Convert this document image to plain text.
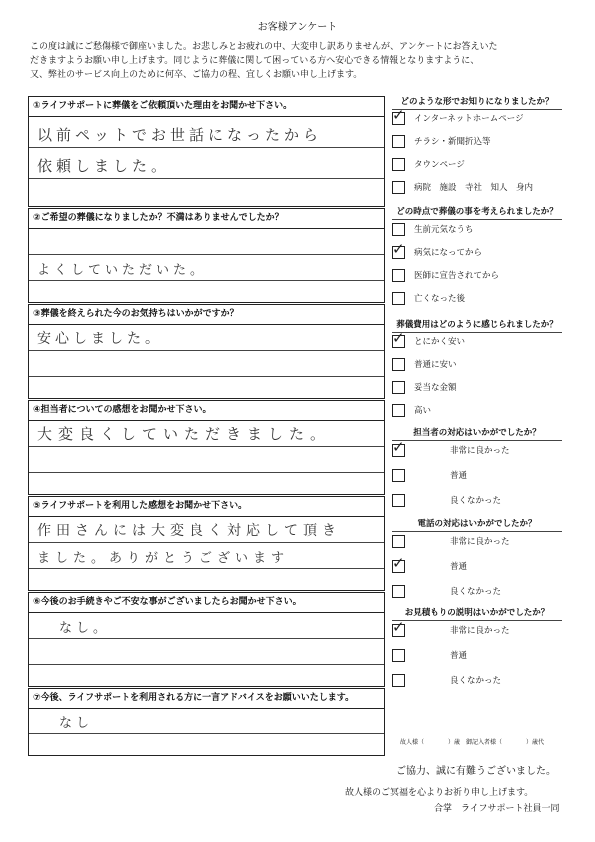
お客様アンケート
この度は誠にご愁傷様で御座いました。お悲しみとお疲れの中、大変申し訳ありませんが、アンケートにお答えいた
だきますようお願い申し上げます。同じように葬儀に関して困っている方へ安心できる情報となりますように、
又、弊社のサービス向上のために何卒、ご協力の程、宜しくお願い申し上げます。
①ライフサポートに葬儀をご依頼頂いた理由をお聞かせ下さい。
以前ペットでお世話になったから
依頼しました。
②ご希望の葬儀になりましたか？不満はありませんでしたか？
よくしていただいた。
③葬儀を終えられた今のお気持ちはいかがですか？
安心しました。
④担当者についての感想をお聞かせ下さい。
大変良くしていただきました。
⑤ライフサポートを利用した感想をお聞かせ下さい。
作田さんには大変良く対応して頂き
ました。ありがとうございます
⑥今後のお手続きやご不安な事がございましたらお聞かせ下さい。
なし。
⑦今後、ライフサポートを利用される方に一言アドバイスをお願いいたします。
なし
どのような形でお知りになりましたか？
✓ インターネットホームページ
チラシ・新聞折込等
タウンページ
病院　施設　寺社　知人　身内
どの時点で葬儀の事を考えられましたか？
生前元気なうち
✓ 病気になってから
医師に宣告されてから
亡くなった後
葬儀費用はどのように感じられましたか？
✓ とにかく安い
普通に安い
妥当な金額
高い
担当者の対応はいかがでしたか？
✓	非常に良かった
普通
良くなかった
電話の対応はいかがでしたか？
非常に良かった
✓	普通
良くなかった
お見積もりの説明はいかがでしたか？
✓	非常に良かった
普通
良くなかった
故人様（　　　　）歳　御記入者様（　　　　）歳代
ご協力、誠に有難うございました。
故人様のご冥福を心よりお祈り申し上げます。
合掌　ライフサポート社員一同
